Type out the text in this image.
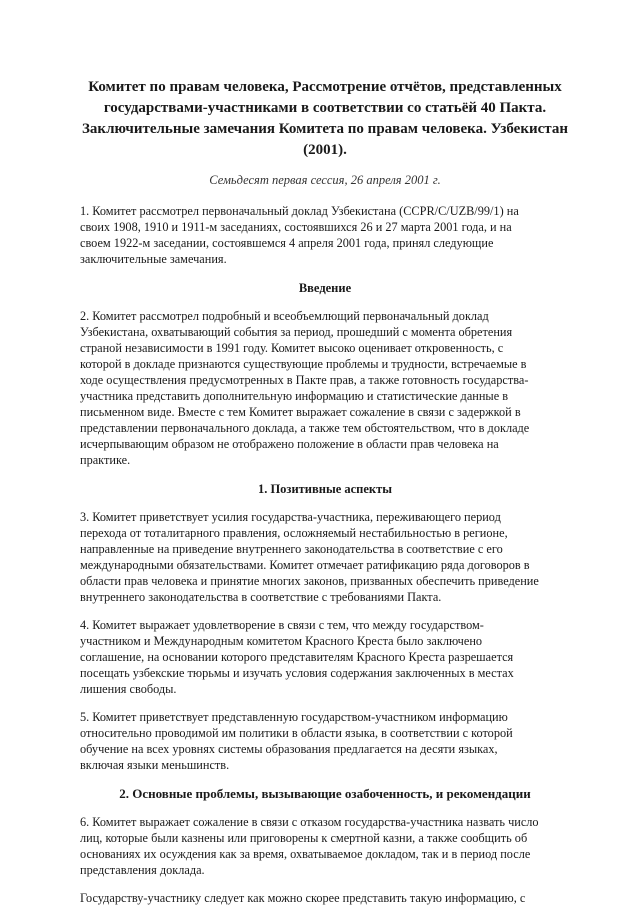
Комитет по правам человека, Рассмотрение отчётов, представленных
государствами-участниками в соответствии со статьёй 40 Пакта.
Заключительные замечания Комитета по правам человека. Узбекистан
(2001).
Семьдесят первая сессия, 26 апреля 2001 г.
1. Комитет рассмотрел первоначальный доклад Узбекистана (CCPR/C/UZB/99/1) на
своих 1908, 1910 и 1911-м заседаниях, состоявшихся 26 и 27 марта 2001 года, и на
своем 1922-м заседании, состоявшемся 4 апреля 2001 года, принял следующие
заключительные замечания.
Введение
2. Комитет рассмотрел подробный и всеобъемлющий первоначальный доклад
Узбекистана, охватывающий события за период, прошедший с момента обретения
страной независимости в 1991 году. Комитет высоко оценивает откровенность, с
которой в докладе признаются существующие проблемы и трудности, встречаемые в
ходе осуществления предусмотренных в Пакте прав, а также готовность государства-
участника представить дополнительную информацию и статистические данные в
письменном виде. Вместе с тем Комитет выражает сожаление в связи с задержкой в
представлении первоначального доклада, а также тем обстоятельством, что в докладе
исчерпывающим образом не отображено положение в области прав человека на
практике.
1. Позитивные аспекты
3. Комитет приветствует усилия государства-участника, переживающего период
перехода от тоталитарного правления, осложняемый нестабильностью в регионе,
направленные на приведение внутреннего законодательства в соответствие с его
международными обязательствами. Комитет отмечает ратификацию ряда договоров в
области прав человека и принятие многих законов, призванных обеспечить приведение
внутреннего законодательства в соответствие с требованиями Пакта.
4. Комитет выражает удовлетворение в связи с тем, что между государством-
участником и Международным комитетом Красного Креста было заключено
соглашение, на основании которого представителям Красного Креста разрешается
посещать узбекские тюрьмы и изучать условия содержания заключенных в местах
лишения свободы.
5. Комитет приветствует представленную государством-участником информацию
относительно проводимой им политики в области языка, в соответствии с которой
обучение на всех уровнях системы образования предлагается на десяти языках,
включая языки меньшинств.
2. Основные проблемы, вызывающие озабоченность, и рекомендации
6. Комитет выражает сожаление в связи с отказом государства-участника назвать число
лиц, которые были казнены или приговорены к смертной казни, а также сообщить об
основаниях их осуждения как за время, охватываемое докладом, так и в период после
представления доклада.
Государству-участнику следует как можно скорее представить такую информацию, с
